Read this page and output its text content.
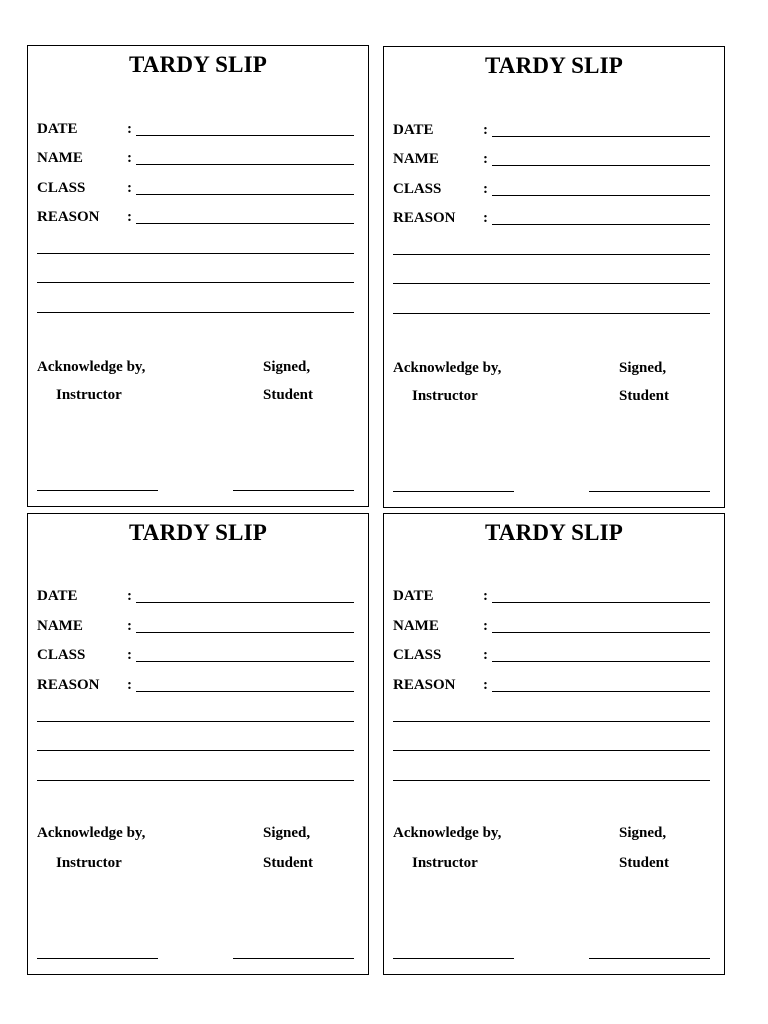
TARDY SLIP
DATE	:
NAME	:
CLASS	:
REASON :
Acknowledge by,
Instructor
Signed,
Student
TARDY SLIP
DATE	:
NAME	:
CLASS	:
REASON :
Acknowledge by,
Instructor
Signed,
Student
TARDY SLIP
DATE	:
NAME	:
CLASS	:
REASON :
Acknowledge by,
Instructor
Signed,
Student
TARDY SLIP
DATE	:
NAME	:
CLASS	:
REASON :
Acknowledge by,
Instructor
Signed,
Student
